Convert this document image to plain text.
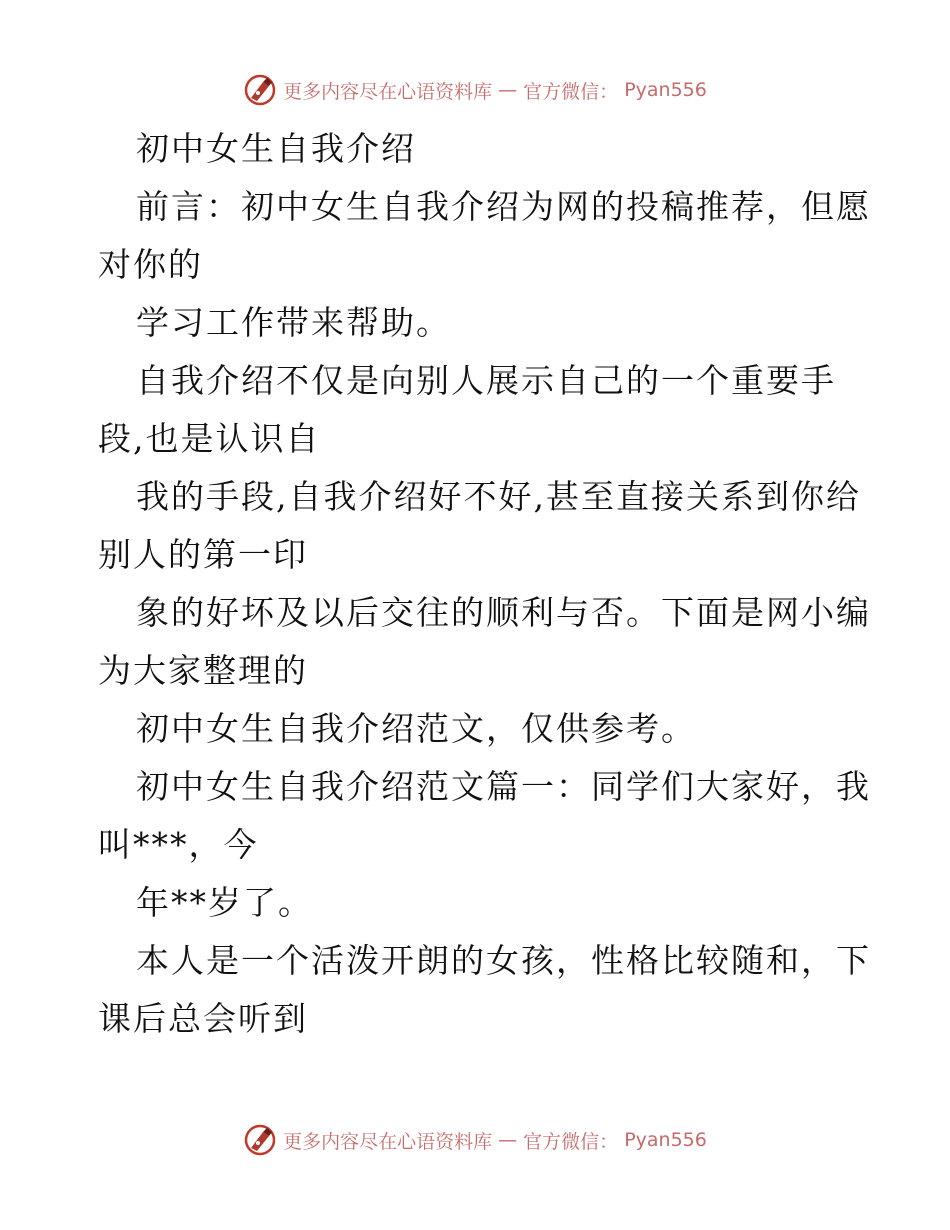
更多内容尽在心语资料库 — 官方微信： Pyan556

初中女生自我介绍

前言：初中女生自我介绍为网的投稿推荐，但愿

对你的

学习工作带来帮助。

自我介绍不仅是向别人展示自己的一个重要手

段,也是认识自

我的手段,自我介绍好不好,甚至直接关系到你给

别人的第一印

象的好坏及以后交往的顺利与否。下面是网小编

为大家整理的

初中女生自我介绍范文，仅供参考。

初中女生自我介绍范文篇一：同学们大家好，我

叫***，今

年**岁了。

本人是一个活泼开朗的女孩，性格比较随和，下

课后总会听到

更多内容尽在心语资料库 — 官方微信： Pyan556
